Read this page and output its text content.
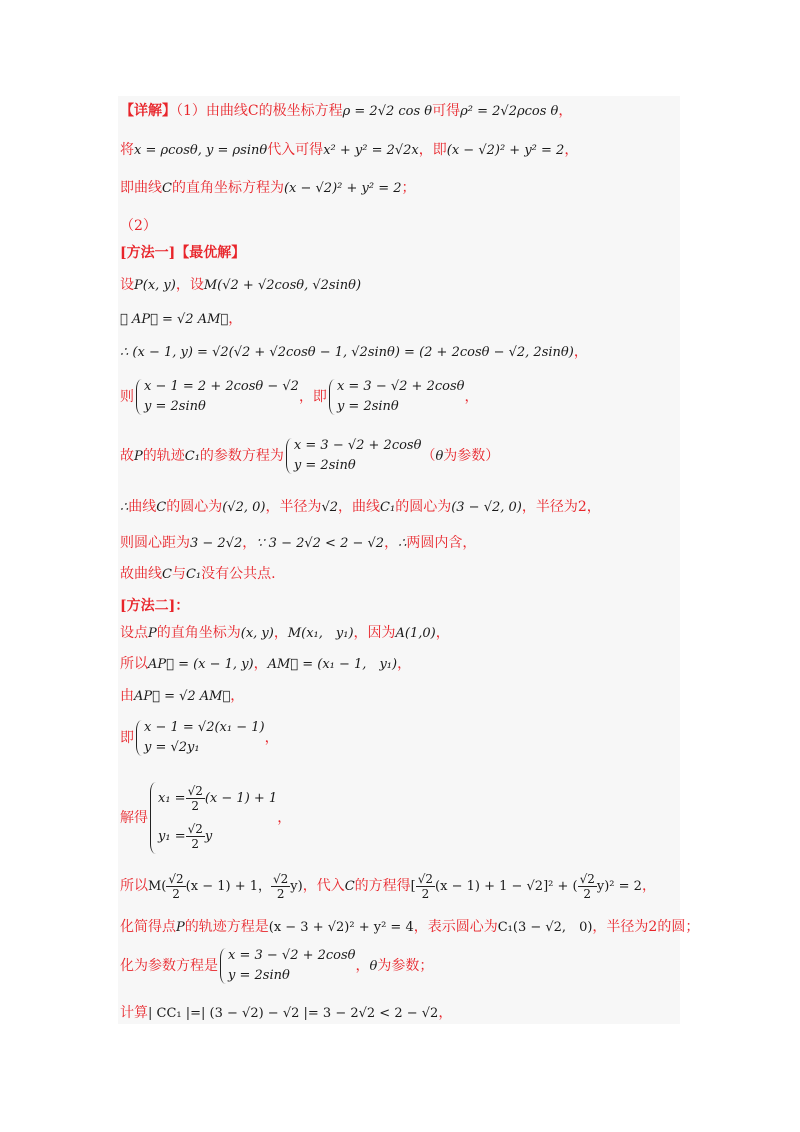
【详解】（1）由曲线C的极坐标方程ρ = 2√2 cos θ可得ρ² = 2√2ρcos θ，
将x = ρcosθ, y = ρsinθ代入可得x² + y² = 2√2x，即(x − √2)² + y² = 2，
即曲线C的直角坐标方程为(x − √2)² + y² = 2；
（2）
[方法一]【最优解】
设P(x, y)，设M(√2 + √2cosθ, √2sinθ)
∵ AP⃗ = √2 AM⃗，
∴ (x − 1, y) = √2(√2 + √2cosθ − 1, √2sinθ) = (2 + 2cosθ − √2, 2sinθ)，
则
x − 1 = 2 + 2cosθ − √2
y = 2sinθ
，即
x = 3 − √2 + 2cosθ
y = 2sinθ
，
故P的轨迹C₁的参数方程为
x = 3 − √2 + 2cosθ
y = 2sinθ
（θ为参数）
∴曲线C的圆心为(√2, 0)，半径为√2，曲线C₁的圆心为(3 − √2, 0)，半径为2，
则圆心距为3 − 2√2，∵ 3 − 2√2 < 2 − √2，∴两圆内含，
故曲线C与C₁没有公共点.
[方法二]：
设点P的直角坐标为(x, y)，M(x₁,　y₁)，因为A(1,0)，
所以AP⃗ = (x − 1, y)，AM⃗ = (x₁ − 1,　y₁)，
由AP⃗ = √2 AM⃗，
即
x − 1 = √2(x₁ − 1)
y = √2y₁
，
解得
$x_1 = \frac{√2}{2} (x - 1) + 1$
$y_1 = \frac{√2}{2}$ y
，
所以$M( \frac{√2}{2} (x - 1) + 1$， $\frac{√2}{2} y$)，代入C的方程得[ $\frac{√2}{2} (x - 1) + 1 - √2]^2$ + ( $\frac{√2}{2} y)^2 = 2$，
化简得点P的轨迹方程是(x − 3 + √2)² + y² = 4，表示圆心为C₁(3 − √2,　0)，半径为2的圆；
化为参数方程是
x = 3 − √2 + 2cosθ
y = 2sinθ
，θ为参数；
计算| CC₁ |=| (3 − √2) − √2 |= 3 − 2√2 < 2 − √2，
